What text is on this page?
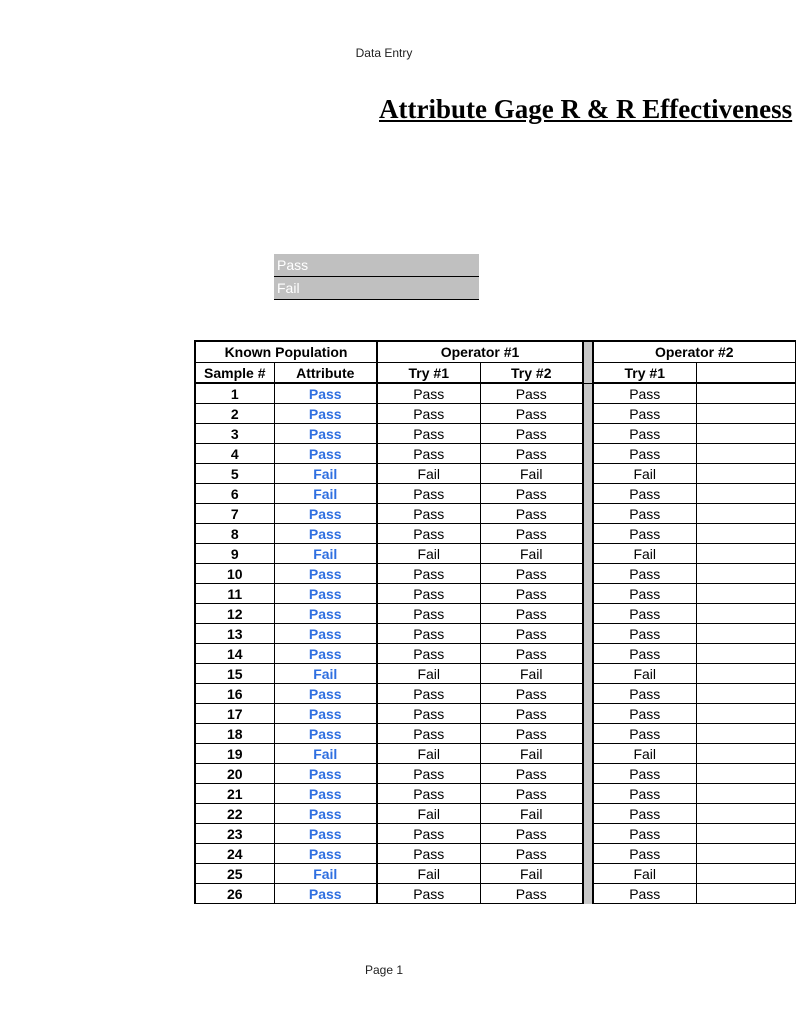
Data Entry
Attribute Gage R & R Effectiveness
Pass
Fail
Known Population		Operator #1			Operator #2	
Sample #	Attribute	Try #1	Try #2		Try #1	
1	Pass	Pass	Pass		Pass	
2	Pass	Pass	Pass		Pass	
3	Pass	Pass	Pass		Pass	
4	Pass	Pass	Pass		Pass	
5	Fail	Fail	Fail		Fail	
6	Fail	Pass	Pass		Pass	
7	Pass	Pass	Pass		Pass	
8	Pass	Pass	Pass		Pass	
9	Fail	Fail	Fail		Fail	
10	Pass	Pass	Pass		Pass	
11	Pass	Pass	Pass		Pass	
12	Pass	Pass	Pass		Pass	
13	Pass	Pass	Pass		Pass	
14	Pass	Pass	Pass		Pass	
15	Fail	Fail	Fail		Fail	
16	Pass	Pass	Pass		Pass	
17	Pass	Pass	Pass		Pass	
18	Pass	Pass	Pass		Pass	
19	Fail	Fail	Fail		Fail	
20	Pass	Pass	Pass		Pass	
21	Pass	Pass	Pass		Pass	
22	Pass	Fail	Fail		Pass	
23	Pass	Pass	Pass		Pass	
24	Pass	Pass	Pass		Pass	
25	Fail	Fail	Fail		Fail	
26	Pass	Pass	Pass		Pass	
Page 1
